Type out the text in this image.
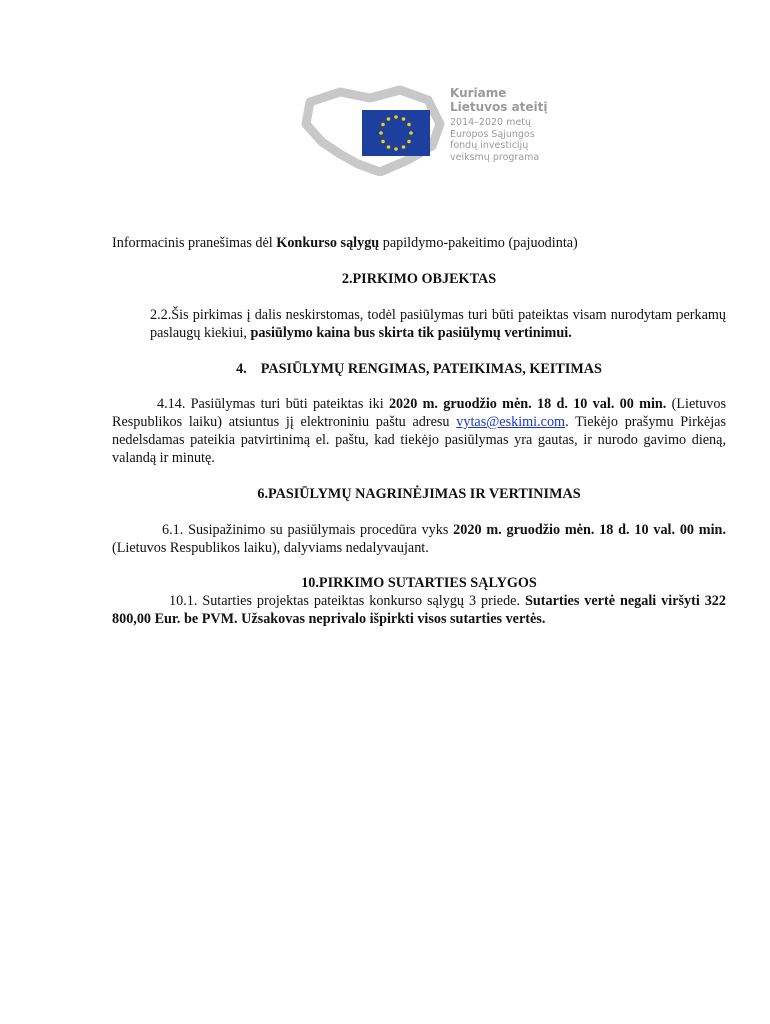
Kuriame
Lietuvos ateitį
2014–2020 metų
Europos Sąjungos
fondų investicijų
veiksmų programa

Informacinis pranešimas dėl Konkurso sąlygų papildymo-pakeitimo (pajuodinta)

2.PIRKIMO OBJEKTAS

2.2.Šis pirkimas į dalis neskirstomas, todėl pasiūlymas turi būti pateiktas visam nurodytam perkamų paslaugų kiekiui, pasiūlymo kaina bus skirta tik pasiūlymų vertinimui.

4. PASIŪLYMŲ RENGIMAS, PATEIKIMAS, KEITIMAS

4.14. Pasiūlymas turi būti pateiktas iki 2020 m. gruodžio mėn. 18 d. 10 val. 00 min. (Lietuvos Respublikos laiku) atsiuntus jį elektroniniu paštu adresu vytas@eskimi.com. Tiekėjo prašymu Pirkėjas nedelsdamas pateikia patvirtinimą el. paštu, kad tiekėjo pasiūlymas yra gautas, ir nurodo gavimo dieną, valandą ir minutę.

6.PASIŪLYMŲ NAGRINĖJIMAS IR VERTINIMAS

6.1. Susipažinimo su pasiūlymais procedūra vyks 2020 m. gruodžio mėn. 18 d. 10 val. 00 min. (Lietuvos Respublikos laiku), dalyviams nedalyvaujant.

10.PIRKIMO SUTARTIES SĄLYGOS

10.1. Sutarties projektas pateiktas konkurso sąlygų 3 priede. Sutarties vertė negali viršyti 322 800,00 Eur. be PVM. Užsakovas neprivalo išpirkti visos sutarties vertės.
